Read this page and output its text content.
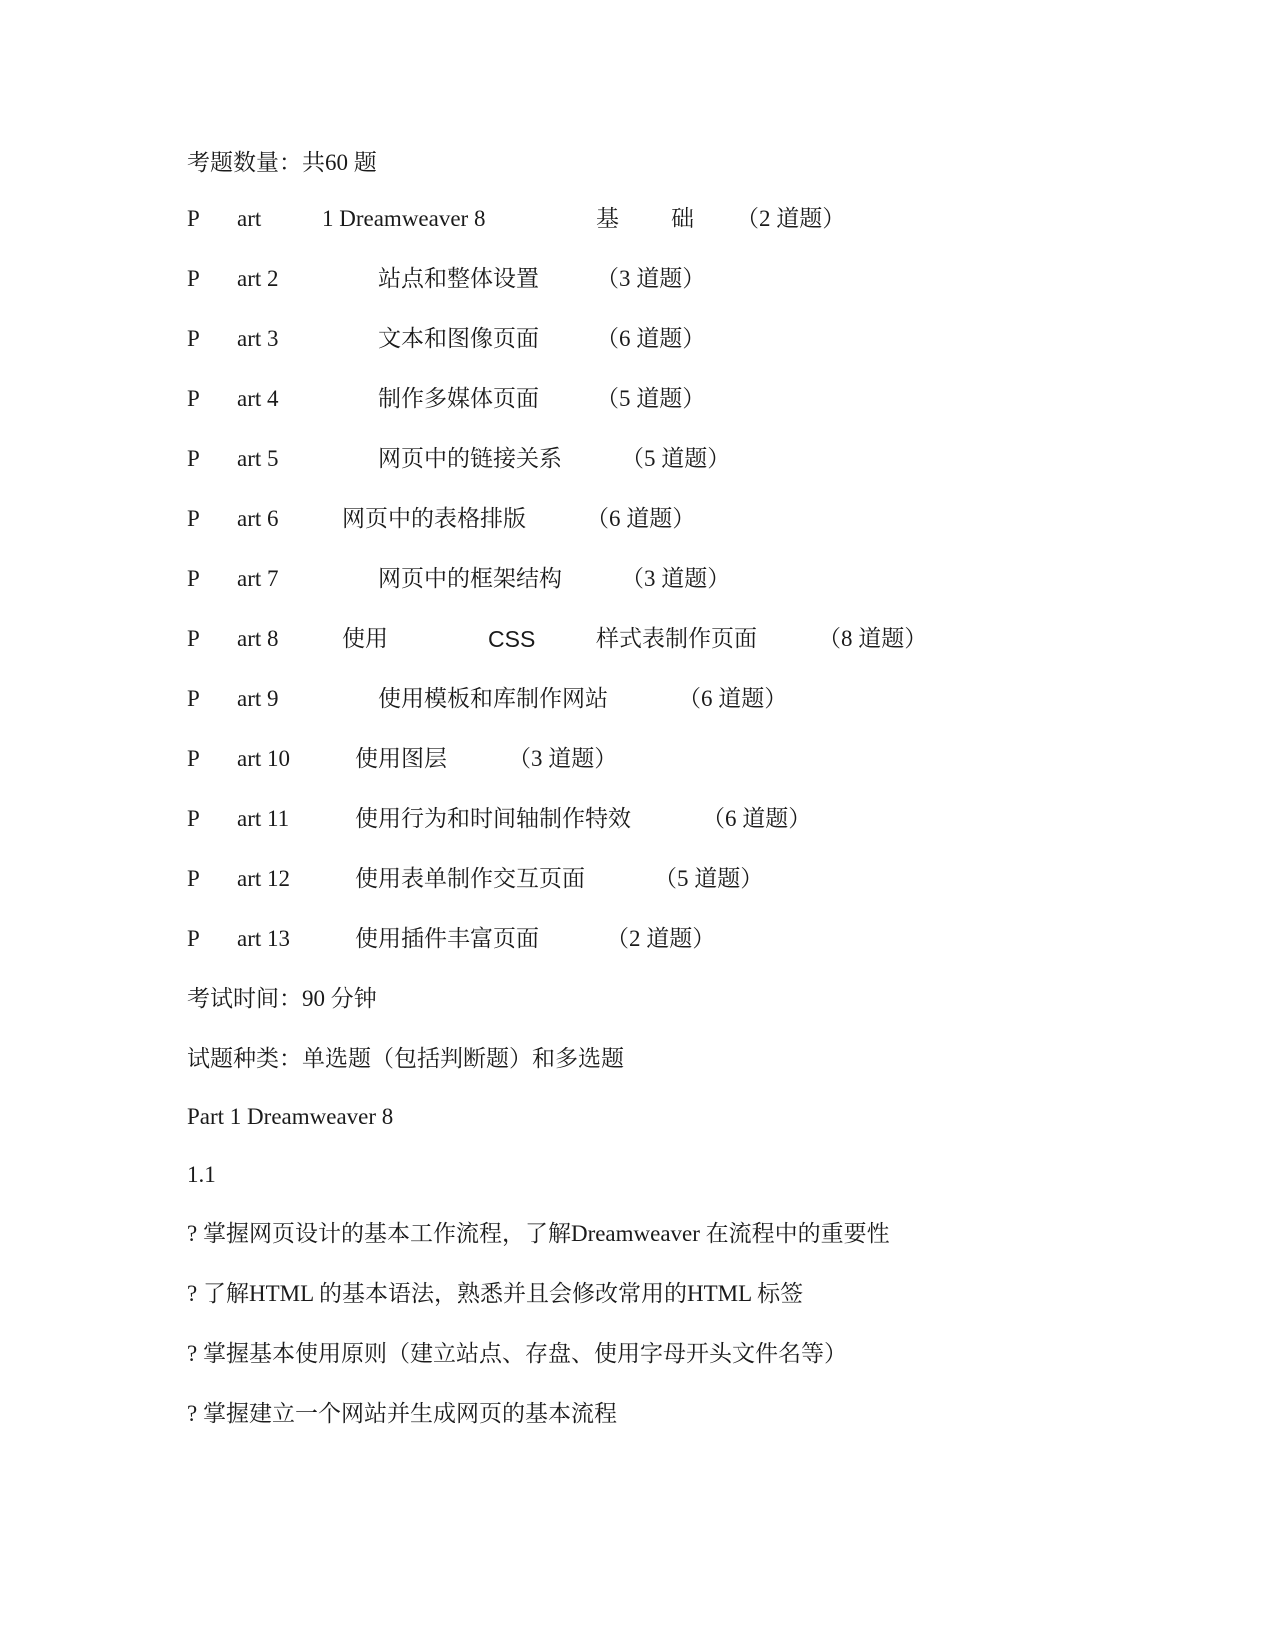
考题数量：共60 题
P art	1 Dreamweaver 8	基 础 （2 道题）
P art 2	站点和整体设置 （3 道题）
P art 3	文本和图像页面 （6 道题）
P art 4	制作多媒体页面 （5 道题）
P art 5	网页中的链接关系	（5 道题）
P art 6	网页中的表格排版	（6 道题）
P art 7	网页中的框架结构	（3 道题）
P art 8	使用	CSS	样式表制作页面	（8 道题）
P art 9	使用模板和库制作网站	（6 道题）
P art 10	使用图层	（3 道题）
P art 11	使用行为和时间轴制作特效	（6 道题）
P art 12	使用表单制作交互页面	（5 道题）
P art 13	使用插件丰富页面	（2 道题）
考试时间：90 分钟
试题种类：单选题（包括判断题）和多选题
Part 1 Dreamweaver 8
1.1
? 掌握网页设计的基本工作流程，了解Dreamweaver 在流程中的重要性
? 了解HTML 的基本语法，熟悉并且会修改常用的HTML 标签
? 掌握基本使用原则（建立站点、存盘、使用字母开头文件名等）
? 掌握建立一个网站并生成网页的基本流程
